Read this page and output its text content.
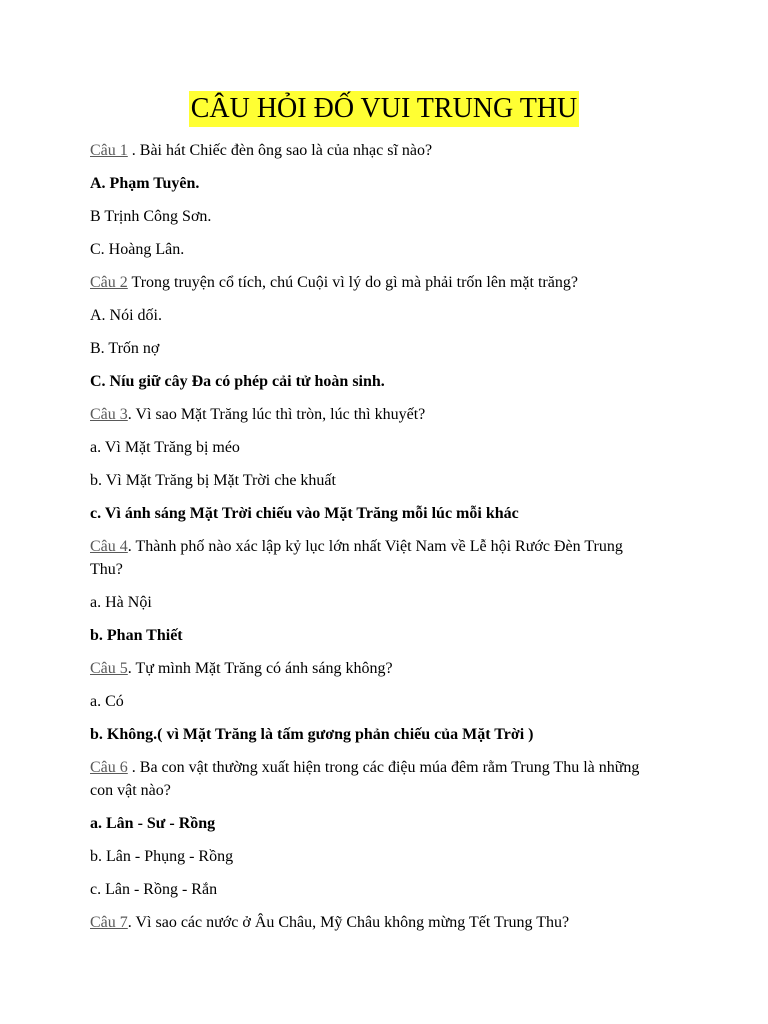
CÂU HỎI ĐỐ VUI TRUNG THU

Câu 1 . Bài hát Chiếc đèn ông sao là của nhạc sĩ nào?

A. Phạm Tuyên.

B Trịnh Công Sơn.

C. Hoàng Lân.

Câu 2 Trong truyện cổ tích, chú Cuội vì lý do gì mà phải trốn lên mặt trăng?

A. Nói dối.

B. Trốn nợ

C. Níu giữ cây Đa có phép cải tử hoàn sinh.

Câu 3. Vì sao Mặt Trăng lúc thì tròn, lúc thì khuyết?

a. Vì Mặt Trăng bị méo

b. Vì Mặt Trăng bị Mặt Trời che khuất

c. Vì ánh sáng Mặt Trời chiếu vào Mặt Trăng mỗi lúc mỗi khác

Câu 4. Thành phố nào xác lập kỷ lục lớn nhất Việt Nam về Lễ hội Rước Đèn Trung Thu?

a. Hà Nội

b. Phan Thiết

Câu 5. Tự mình Mặt Trăng có ánh sáng không?

a. Có

b. Không.( vì Mặt Trăng là tấm gương phản chiếu của Mặt Trời )

Câu 6 . Ba con vật thường xuất hiện trong các điệu múa đêm rằm Trung Thu là những con vật nào?

a. Lân - Sư - Rồng

b. Lân - Phụng - Rồng

c. Lân - Rồng - Rắn

Câu 7. Vì sao các nước ở Âu Châu, Mỹ Châu không mừng Tết Trung Thu?
